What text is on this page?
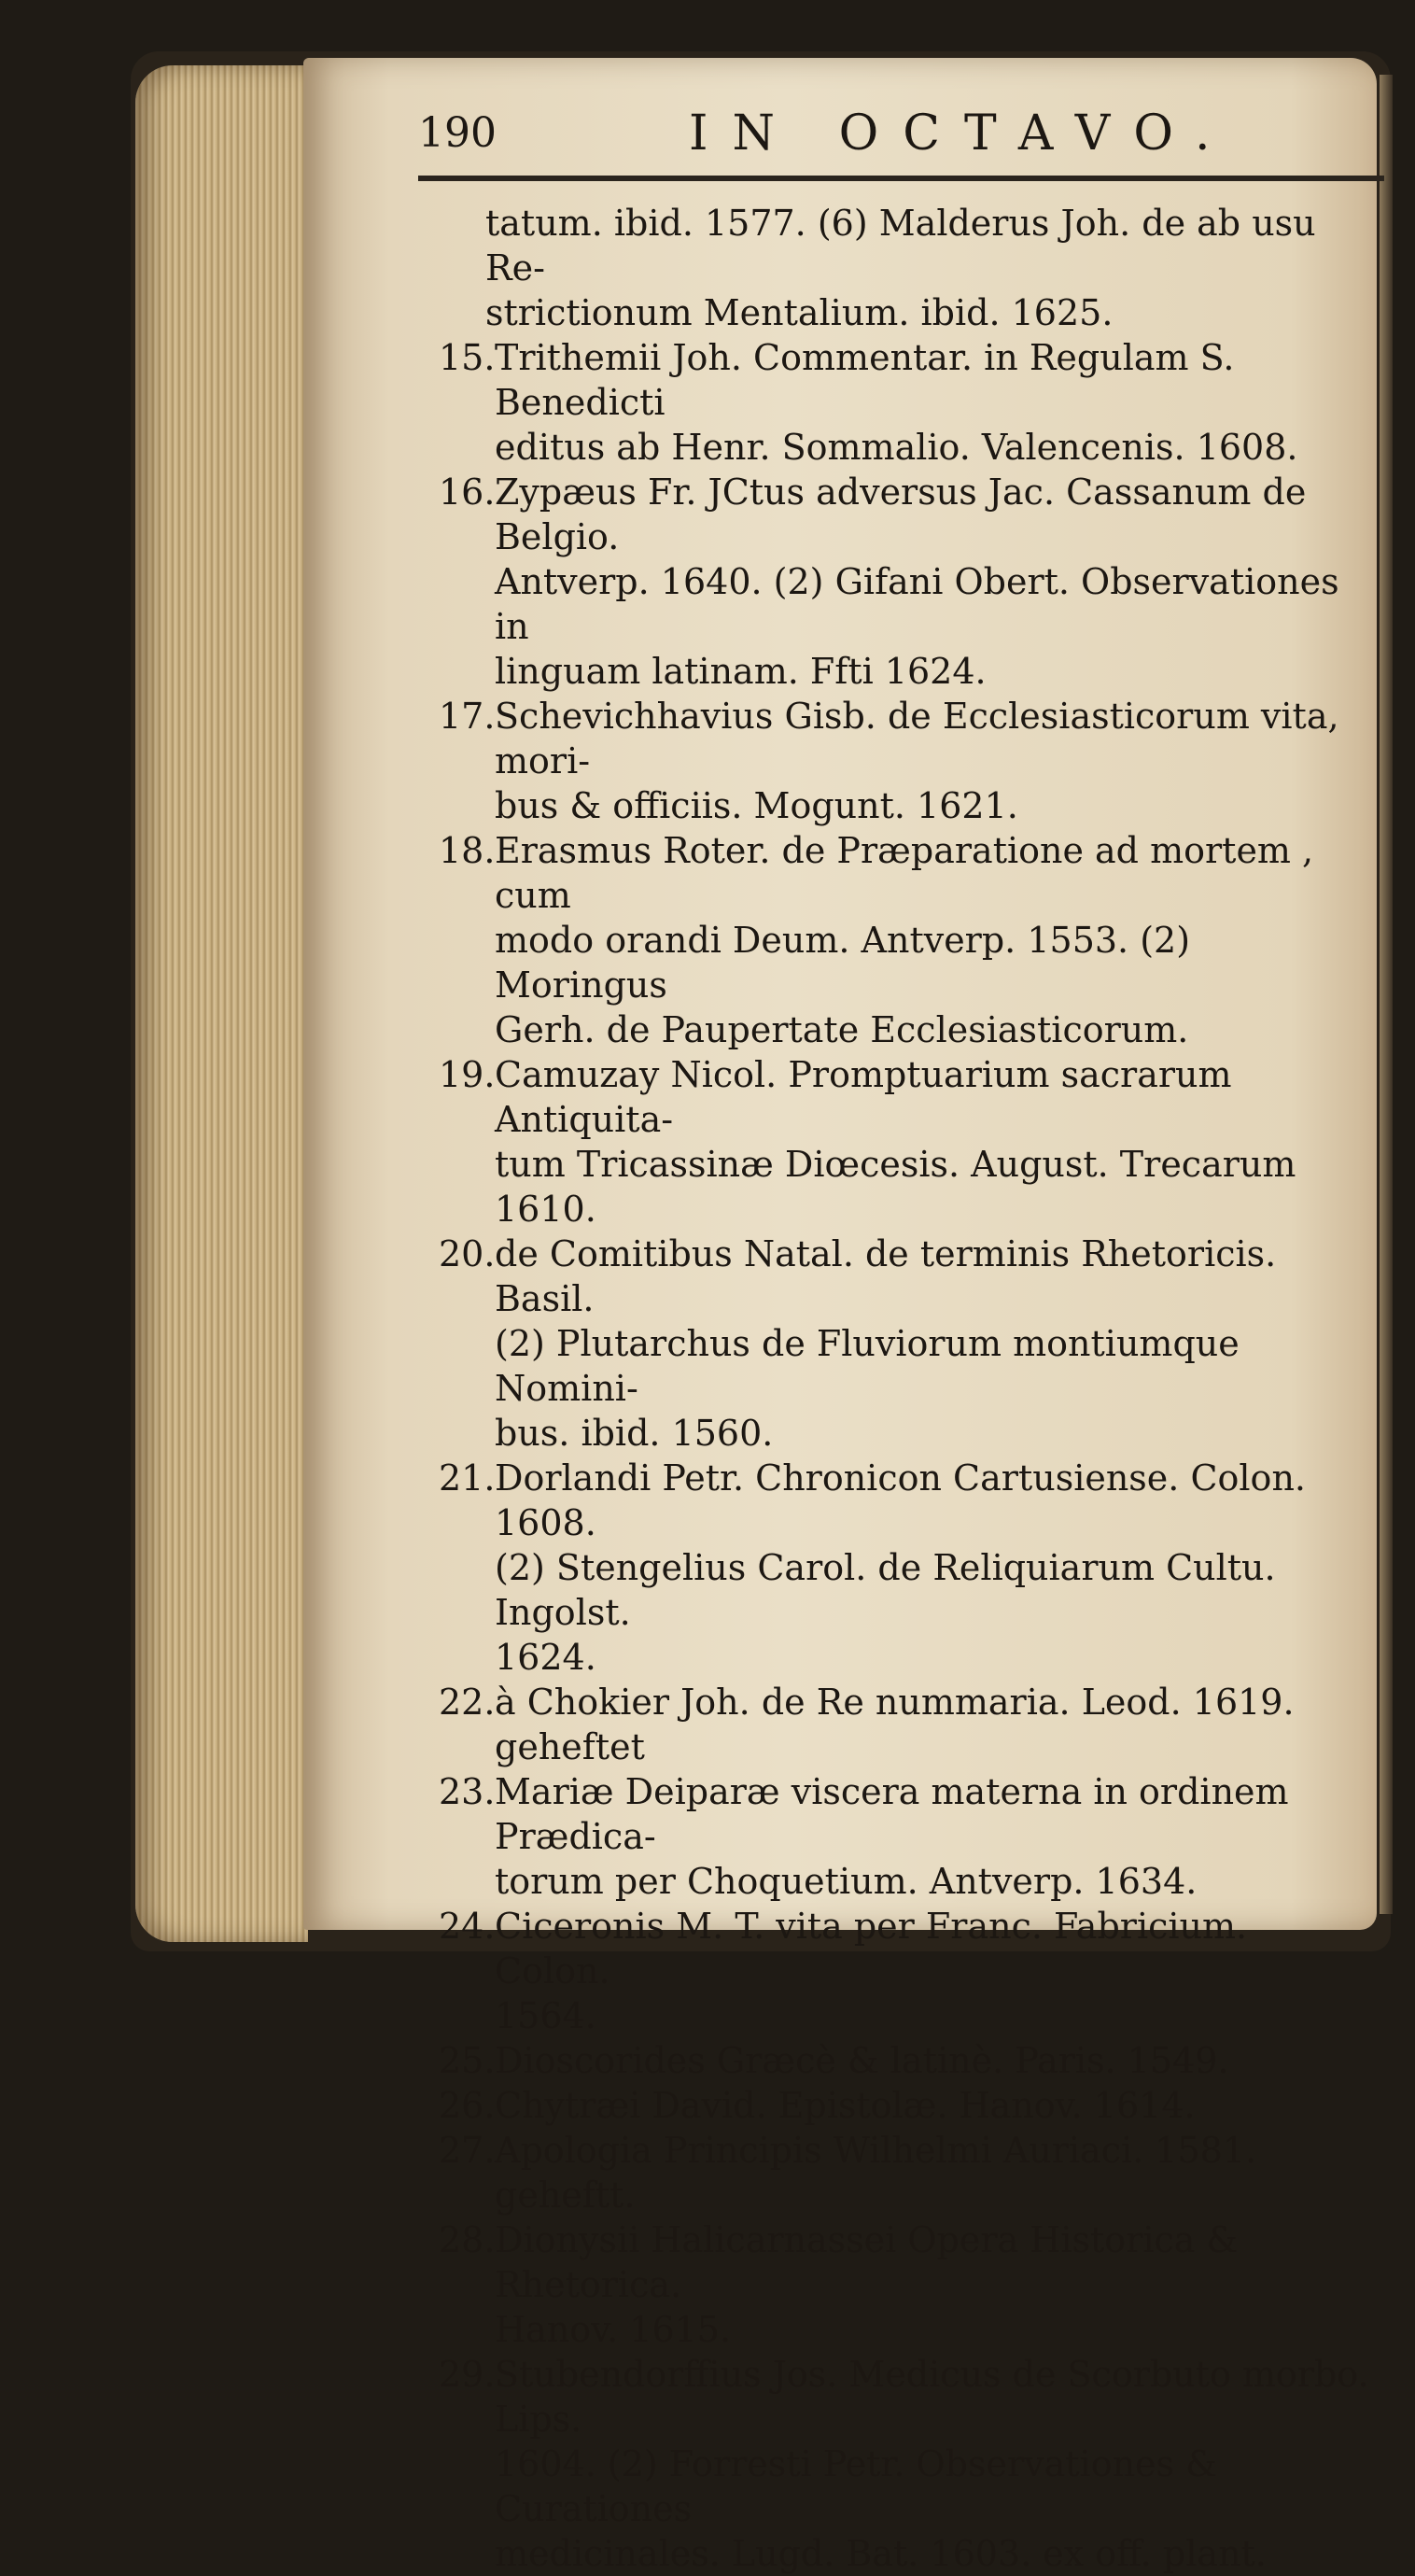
190	IN OCTAVO.
tatum. ibid. 1577. (6) Malderus Joh. de ab usu Re-
strictionum Mentalium. ibid. 1625.
15. Trithemii Joh. Commentar. in Regulam S. Benedicti
editus ab Henr. Sommalio. Valencenis. 1608.
16. Zypæus Fr. JCtus adversus Jac. Cassanum de Belgio.
Antverp. 1640. (2) Gifani Obert. Observationes in
linguam latinam. Ffti 1624.
17. Schevichhavius Gisb. de Ecclesiasticorum vita, mori-
bus & officiis. Mogunt. 1621.
18. Erasmus Roter. de Præparatione ad mortem , cum
modo orandi Deum. Antverp. 1553. (2) Moringus
Gerh. de Paupertate Ecclesiasticorum.
19. Camuzay Nicol. Promptuarium sacrarum Antiquita-
tum Tricassinæ Diœcesis. August. Trecarum 1610.
20. de Comitibus Natal. de terminis Rhetoricis. Basil.
(2) Plutarchus de Fluviorum montiumque Nomini-
bus. ibid. 1560.
21. Dorlandi Petr. Chronicon Cartusiense. Colon. 1608.
(2) Stengelius Carol. de Reliquiarum Cultu. Ingolst.
1624.
22. à Chokier Joh. de Re nummaria. Leod. 1619. geheftet
23. Mariæ Deiparæ viscera materna in ordinem Prædica-
torum per Choquetium. Antverp. 1634.
24. Ciceronis M. T. vita per Franc. Fabricium. Colon.
1564.
25. Dioscorides Græcè & latinè. Paris. 1549.
26. Chytræi David. Epistolæ. Hanov. 1614.
27. Apologia Principis Wilhelmi Auriaci. 1581. geheftt.
28. Dionysii Halicarnassei Opera Historica & Rhetorica.
Hanov. 1615.
29. Stubendorffius Jos. Medicus de Scorbuto morbo. Lips.
1604. (2) Forresti Petr. Observationes & Curationes
medicinales. Lugd. Bat. 1603. ex off. plant.
